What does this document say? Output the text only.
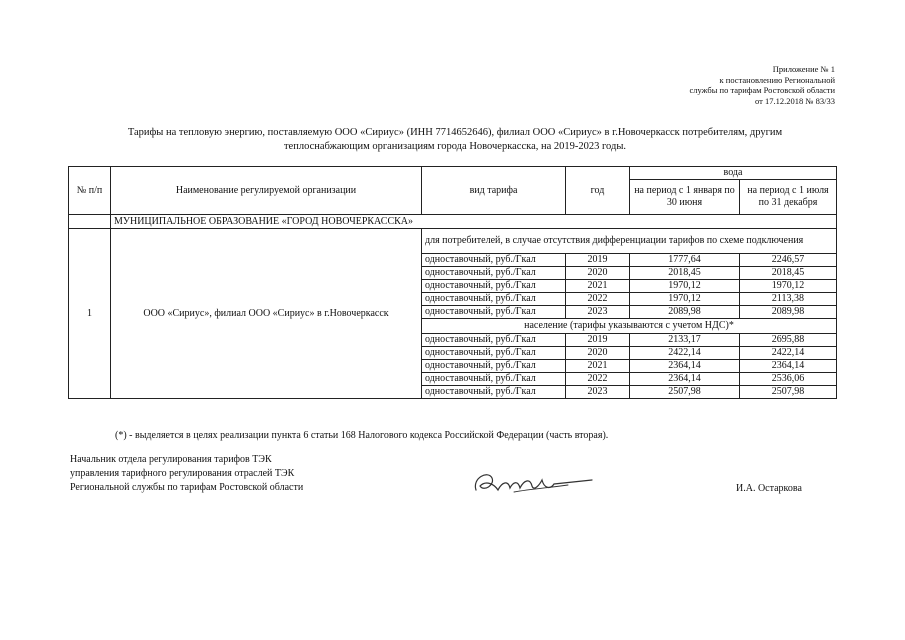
Приложение № 1
к постановлению Региональной
службы по тарифам Ростовской области
от 17.12.2018 № 83/33
Тарифы на тепловую энергию, поставляемую ООО «Сириус» (ИНН 7714652646), филиал ООО «Сириус» в г.Новочеркасск потребителям, другим
теплоснабжающим организациям города Новочеркасска, на 2019-2023 годы.
№ п/п	Наименование регулируемой организации	вид тарифа	год	вода	
				на период с 1 января по 30 июня	на период с 1 июля по 31 декабря
	МУНИЦИПАЛЬНОЕ ОБРАЗОВАНИЕ «ГОРОД НОВОЧЕРКАССКА»				
1	ООО «Сириус», филиал ООО «Сириус» в г.Новочеркасск	для потребителей, в случае отсутствия дифференциации тарифов по схеме подключения			
		одноставочный, руб./Гкал	2019	1777,64	2246,57
		одноставочный, руб./Гкал	2020	2018,45	2018,45
		одноставочный, руб./Гкал	2021	1970,12	1970,12
		одноставочный, руб./Гкал	2022	1970,12	2113,38
		одноставочный, руб./Гкал	2023	2089,98	2089,98
		население (тарифы указываются с учетом НДС)*			
		одноставочный, руб./Гкал	2019	2133,17	2695,88
		одноставочный, руб./Гкал	2020	2422,14	2422,14
		одноставочный, руб./Гкал	2021	2364,14	2364,14
		одноставочный, руб./Гкал	2022	2364,14	2536,06
		одноставочный, руб./Гкал	2023	2507,98	2507,98
(*) - выделяется в целях реализации пункта 6 статьи 168 Налогового кодекса Российской Федерации (часть вторая).
Начальник отдела регулирования тарифов ТЭК
управления тарифного регулирования отраслей ТЭК
Региональной службы по тарифам Ростовской области	И.А. Остаркова
